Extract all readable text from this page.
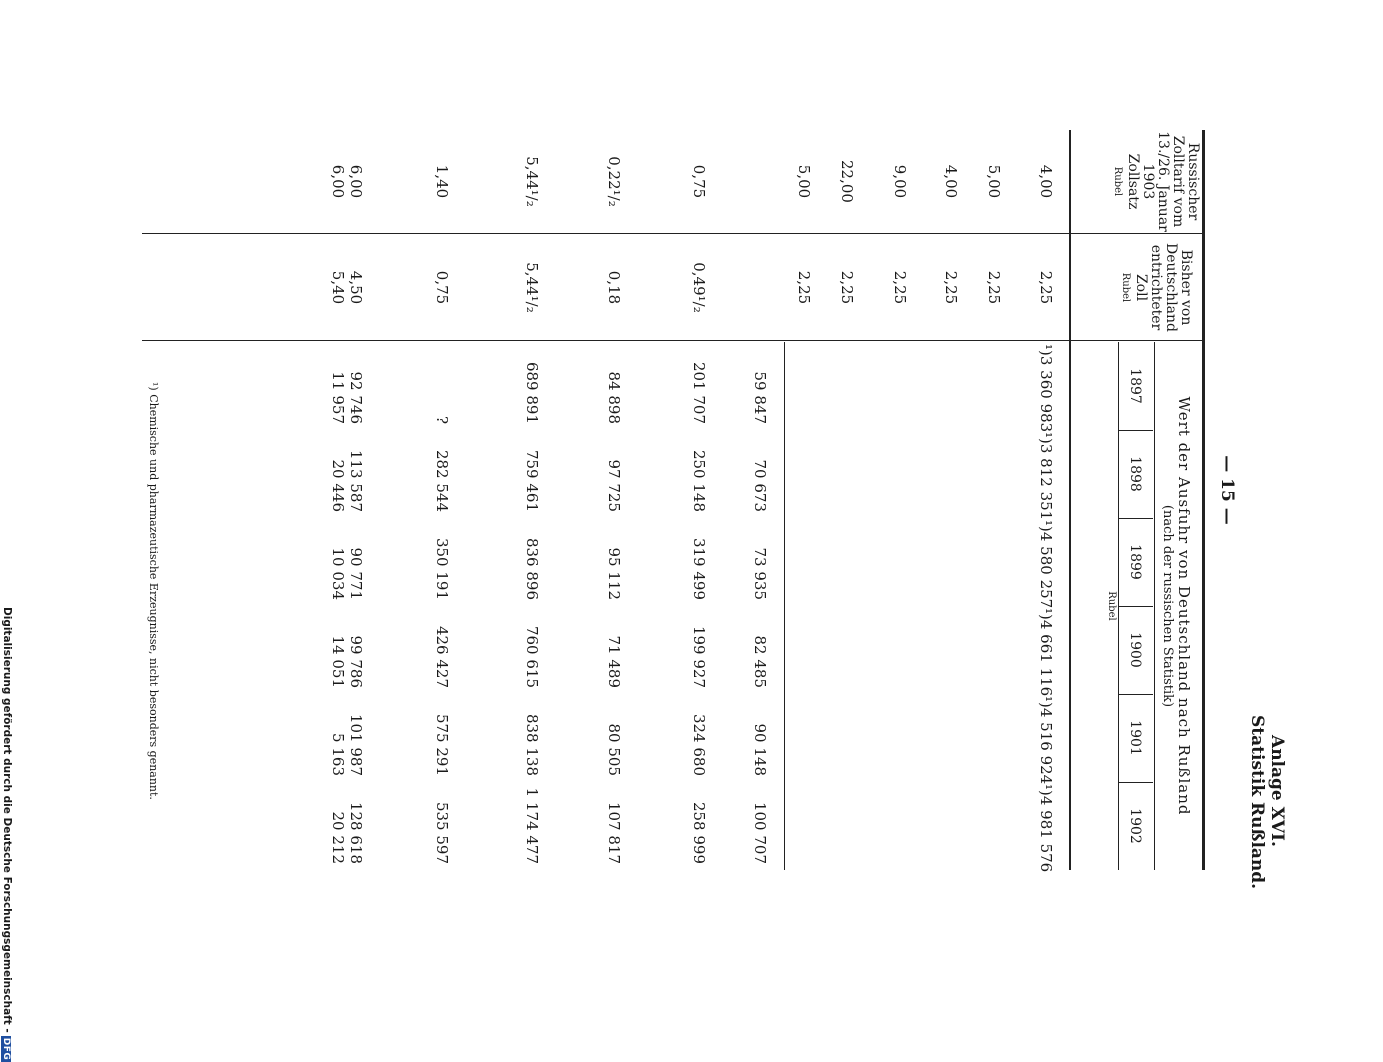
— 15 —
Anlage XVI.
Statistik Rußland.
Russischer
Zolltarif vom
13./26. Januar
1903
Zollsatz
Rubel
Bisher von
Deutschland
entrichteter
Zoll
Rubel
Wert der Ausfuhr von Deutschland nach Rußland
(nach der russischen Statistik)
1897
1898
1899
1900
1901
1902
Rubel
4,00
2,25
¹)3 360 983
¹)3 812 351
¹)4 580 257
¹)4 661 116
¹)4 516 924
¹)4 981 576
5,00
2,25
4,00
2,25
9,00
2,25
22,00
2,25
5,00
2,25
59 847
70 673
73 935
82 485
90 148
100 707
0,75
0,49¹/₂
201 707
250 148
319 499
199 927
324 680
258 999
0,22¹/₂
0,18
84 898
97 725
95 112
71 489
80 505
107 817
5,44¹/₂
5,44¹/₂
689 891
759 461
836 896
760 615
838 138
1 174 477
1,40
0,75
?
282 544
350 191
426 427
575 291
535 597
6,00
4,50
92 746
113 587
90 771
99 786
101 987
128 618
6,00
5,40
11 957
20 446
10 034
14 051
5 163
20 212
¹) Chemische und pharmazeutische Erzeugnisse, nicht besonders genannt.
Digitalisierung gefördert durch die Deutsche Forschungsgemeinschaft -DFG
